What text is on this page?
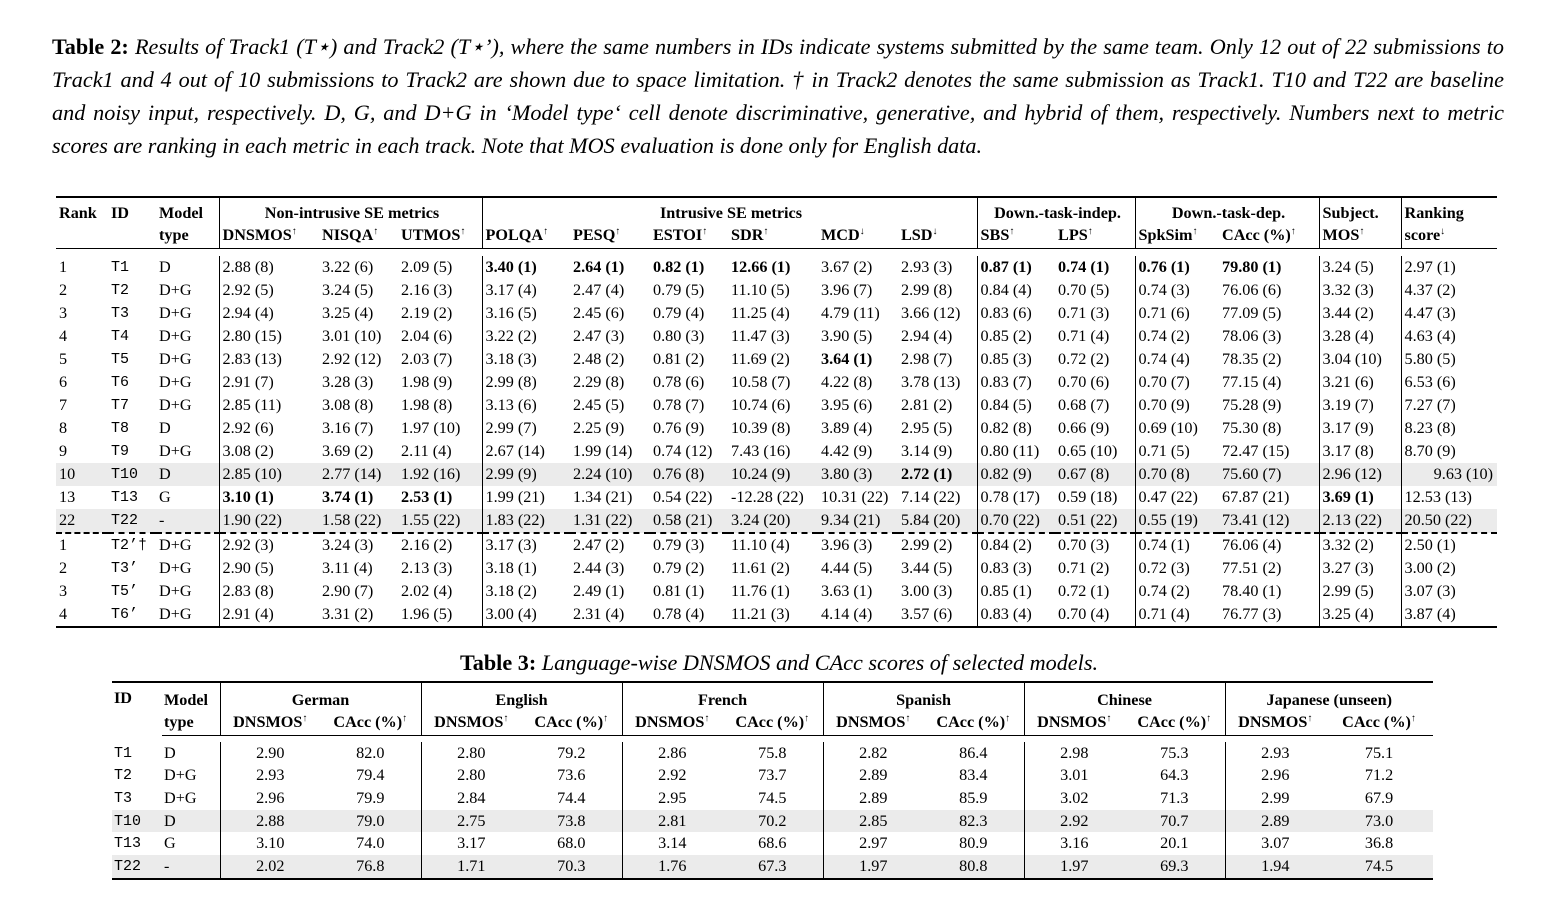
Table 2: Results of Track1 (T⋆) and Track2 (T⋆’), where the same numbers in IDs indicate systems submitted by the same team. Only 12 out of 22 submissions to Track1 and 4 out of 10 submissions to Track2 are shown due to space limitation. † in Track2 denotes the same submission as Track1. T10 and T22 are baseline and noisy input, respectively. D, G, and D+G in ‘Model type‘ cell denote discriminative, generative, and hybrid of them, respectively. Numbers next to metric scores are ranking in each metric in each track. Note that MOS evaluation is done only for English data.
Rank	ID	Model	Non-intrusive SE metrics			Intrusive SE metrics						Down.-task-indep.		Down.-task-dep.		Subject.	Ranking
		type	DNSMOS↑	NISQA↑	UTMOS↑	POLQA↑	PESQ↑	ESTOI↑	SDR↑	MCD↓	LSD↓	SBS↑	LPS↑	SpkSim↑	CAcc (%)↑	MOS↑	score↓

1	T1	D	2.88 (8)	3.22 (6)	2.09 (5)	3.40 (1)	2.64 (1)	0.82 (1)	12.66 (1)	3.67 (2)	2.93 (3)	0.87 (1)	0.74 (1)	0.76 (1)	79.80 (1)	3.24 (5)	2.97 (1)
2	T2	D+G	2.92 (5)	3.24 (5)	2.16 (3)	3.17 (4)	2.47 (4)	0.79 (5)	11.10 (5)	3.96 (7)	2.99 (8)	0.84 (4)	0.70 (5)	0.74 (3)	76.06 (6)	3.32 (3)	4.37 (2)
3	T3	D+G	2.94 (4)	3.25 (4)	2.19 (2)	3.16 (5)	2.45 (6)	0.79 (4)	11.25 (4)	4.79 (11)	3.66 (12)	0.83 (6)	0.71 (3)	0.71 (6)	77.09 (5)	3.44 (2)	4.47 (3)
4	T4	D+G	2.80 (15)	3.01 (10)	2.04 (6)	3.22 (2)	2.47 (3)	0.80 (3)	11.47 (3)	3.90 (5)	2.94 (4)	0.85 (2)	0.71 (4)	0.74 (2)	78.06 (3)	3.28 (4)	4.63 (4)
5	T5	D+G	2.83 (13)	2.92 (12)	2.03 (7)	3.18 (3)	2.48 (2)	0.81 (2)	11.69 (2)	3.64 (1)	2.98 (7)	0.85 (3)	0.72 (2)	0.74 (4)	78.35 (2)	3.04 (10)	5.80 (5)
6	T6	D+G	2.91 (7)	3.28 (3)	1.98 (9)	2.99 (8)	2.29 (8)	0.78 (6)	10.58 (7)	4.22 (8)	3.78 (13)	0.83 (7)	0.70 (6)	0.70 (7)	77.15 (4)	3.21 (6)	6.53 (6)
7	T7	D+G	2.85 (11)	3.08 (8)	1.98 (8)	3.13 (6)	2.45 (5)	0.78 (7)	10.74 (6)	3.95 (6)	2.81 (2)	0.84 (5)	0.68 (7)	0.70 (9)	75.28 (9)	3.19 (7)	7.27 (7)
8	T8	D	2.92 (6)	3.16 (7)	1.97 (10)	2.99 (7)	2.25 (9)	0.76 (9)	10.39 (8)	3.89 (4)	2.95 (5)	0.82 (8)	0.66 (9)	0.69 (10)	75.30 (8)	3.17 (9)	8.23 (8)
9	T9	D+G	3.08 (2)	3.69 (2)	2.11 (4)	2.67 (14)	1.99 (14)	0.74 (12)	7.43 (16)	4.42 (9)	3.14 (9)	0.80 (11)	0.65 (10)	0.71 (5)	72.47 (15)	3.17 (8)	8.70 (9)
10	T10	D	2.85 (10)	2.77 (14)	1.92 (16)	2.99 (9)	2.24 (10)	0.76 (8)	10.24 (9)	3.80 (3)	2.72 (1)	0.82 (9)	0.67 (8)	0.70 (8)	75.60 (7)	2.96 (12)	9.63 (10)
13	T13	G	3.10 (1)	3.74 (1)	2.53 (1)	1.99 (21)	1.34 (21)	0.54 (22)	-12.28 (22)	10.31 (22)	7.14 (22)	0.78 (17)	0.59 (18)	0.47 (22)	67.87 (21)	3.69 (1)	12.53 (13)
22	T22	-	1.90 (22)	1.58 (22)	1.55 (22)	1.83 (22)	1.31 (22)	0.58 (21)	3.24 (20)	9.34 (21)	5.84 (20)	0.70 (22)	0.51 (22)	0.55 (19)	73.41 (12)	2.13 (22)	20.50 (22)
1	T2’†	D+G	2.92 (3)	3.24 (3)	2.16 (2)	3.17 (3)	2.47 (2)	0.79 (3)	11.10 (4)	3.96 (3)	2.99 (2)	0.84 (2)	0.70 (3)	0.74 (1)	76.06 (4)	3.32 (2)	2.50 (1)
2	T3’	D+G	2.90 (5)	3.11 (4)	2.13 (3)	3.18 (1)	2.44 (3)	0.79 (2)	11.61 (2)	4.44 (5)	3.44 (5)	0.83 (3)	0.71 (2)	0.72 (3)	77.51 (2)	3.27 (3)	3.00 (2)
3	T5’	D+G	2.83 (8)	2.90 (7)	2.02 (4)	3.18 (2)	2.49 (1)	0.81 (1)	11.76 (1)	3.63 (1)	3.00 (3)	0.85 (1)	0.72 (1)	0.74 (2)	78.40 (1)	2.99 (5)	3.07 (3)
4	T6’	D+G	2.91 (4)	3.31 (2)	1.96 (5)	3.00 (4)	2.31 (4)	0.78 (4)	11.21 (3)	4.14 (4)	3.57 (6)	0.83 (4)	0.70 (4)	0.71 (4)	76.77 (3)	3.25 (4)	3.87 (4)
Table 3: Language-wise DNSMOS and CAcc scores of selected models.
ID	Model	German		English		French		Spanish		Chinese		Japanese (unseen)	
	type	DNSMOS↑	CAcc (%)↑	DNSMOS↑	CAcc (%)↑	DNSMOS↑	CAcc (%)↑	DNSMOS↑	CAcc (%)↑	DNSMOS↑	CAcc (%)↑	DNSMOS↑	CAcc (%)↑

T1	D	2.90	82.0	2.80	79.2	2.86	75.8	2.82	86.4	2.98	75.3	2.93	75.1
T2	D+G	2.93	79.4	2.80	73.6	2.92	73.7	2.89	83.4	3.01	64.3	2.96	71.2
T3	D+G	2.96	79.9	2.84	74.4	2.95	74.5	2.89	85.9	3.02	71.3	2.99	67.9
T10	D	2.88	79.0	2.75	73.8	2.81	70.2	2.85	82.3	2.92	70.7	2.89	73.0
T13	G	3.10	74.0	3.17	68.0	3.14	68.6	2.97	80.9	3.16	20.1	3.07	36.8
T22	-	2.02	76.8	1.71	70.3	1.76	67.3	1.97	80.8	1.97	69.3	1.94	74.5
